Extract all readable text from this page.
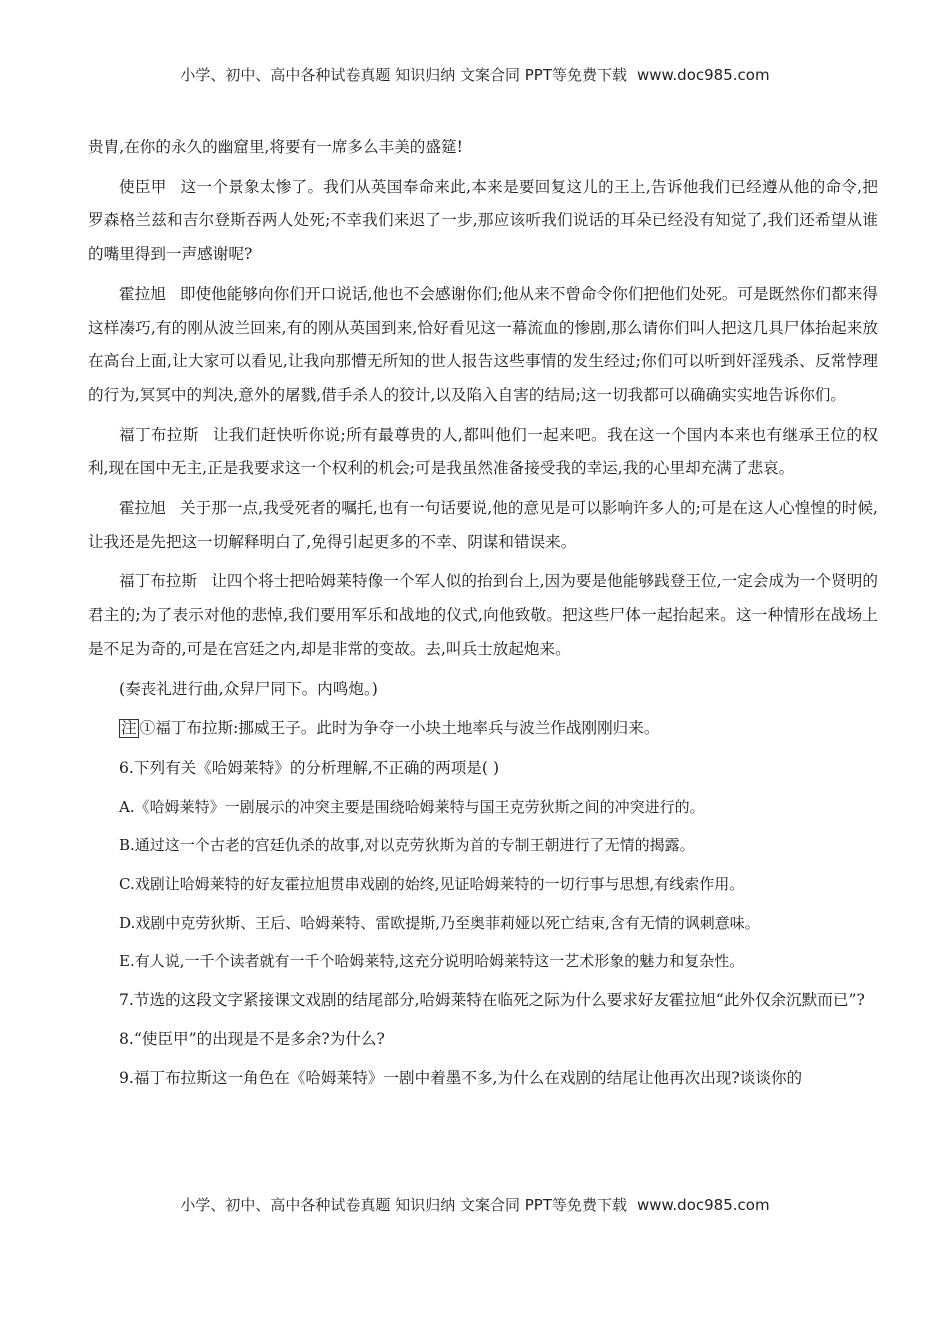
小学、初中、高中各种试卷真题 知识归纳 文案合同 PPT等免费下载 www.doc985.com

贵胄,在你的永久的幽窟里,将要有一席多么丰美的盛筵!

使臣甲 这一个景象太惨了。我们从英国奉命来此,本来是要回复这儿的王上,告诉他我们已经遵从他的命令,把罗森格兰兹和吉尔登斯吞两人处死;不幸我们来迟了一步,那应该听我们说话的耳朵已经没有知觉了,我们还希望从谁的嘴里得到一声感谢呢?

霍拉旭 即使他能够向你们开口说话,他也不会感谢你们;他从来不曾命令你们把他们处死。可是既然你们都来得这样凑巧,有的刚从波兰回来,有的刚从英国到来,恰好看见这一幕流血的惨剧,那么请你们叫人把这几具尸体抬起来放在高台上面,让大家可以看见,让我向那懵无所知的世人报告这些事情的发生经过;你们可以听到奸淫残杀、反常悖理的行为,冥冥中的判决,意外的屠戮,借手杀人的狡计,以及陷入自害的结局;这一切我都可以确确实实地告诉你们。

福丁布拉斯 让我们赶快听你说;所有最尊贵的人,都叫他们一起来吧。我在这一个国内本来也有继承王位的权利,现在国中无主,正是我要求这一个权利的机会;可是我虽然准备接受我的幸运,我的心里却充满了悲哀。

霍拉旭 关于那一点,我受死者的嘱托,也有一句话要说,他的意见是可以影响许多人的;可是在这人心惶惶的时候,让我还是先把这一切解释明白了,免得引起更多的不幸、阴谋和错误来。

福丁布拉斯 让四个将士把哈姆莱特像一个军人似的抬到台上,因为要是他能够践登王位,一定会成为一个贤明的君主的;为了表示对他的悲悼,我们要用军乐和战地的仪式,向他致敬。把这些尸体一起抬起来。这一种情形在战场上是不足为奇的,可是在宫廷之内,却是非常的变故。去,叫兵士放起炮来。

(奏丧礼进行曲,众舁尸同下。内鸣炮。)

注 ①福丁布拉斯:挪威王子。此时为争夺一小块土地率兵与波兰作战刚刚归来。

6.下列有关《哈姆莱特》的分析理解,不正确的两项是( )

A.《哈姆莱特》一剧展示的冲突主要是围绕哈姆莱特与国王克劳狄斯之间的冲突进行的。

B.通过这一个古老的宫廷仇杀的故事,对以克劳狄斯为首的专制王朝进行了无情的揭露。

C.戏剧让哈姆莱特的好友霍拉旭贯串戏剧的始终,见证哈姆莱特的一切行事与思想,有线索作用。

D.戏剧中克劳狄斯、王后、哈姆莱特、雷欧提斯,乃至奥菲莉娅以死亡结束,含有无情的讽刺意味。

E.有人说,一千个读者就有一千个哈姆莱特,这充分说明哈姆莱特这一艺术形象的魅力和复杂性。

7.节选的这段文字紧接课文戏剧的结尾部分,哈姆莱特在临死之际为什么要求好友霍拉旭“此外仅余沉默而已”?

8.“使臣甲”的出现是不是多余?为什么?

9.福丁布拉斯这一角色在《哈姆莱特》一剧中着墨不多,为什么在戏剧的结尾让他再次出现?谈谈你的

小学、初中、高中各种试卷真题 知识归纳 文案合同 PPT等免费下载 www.doc985.com
